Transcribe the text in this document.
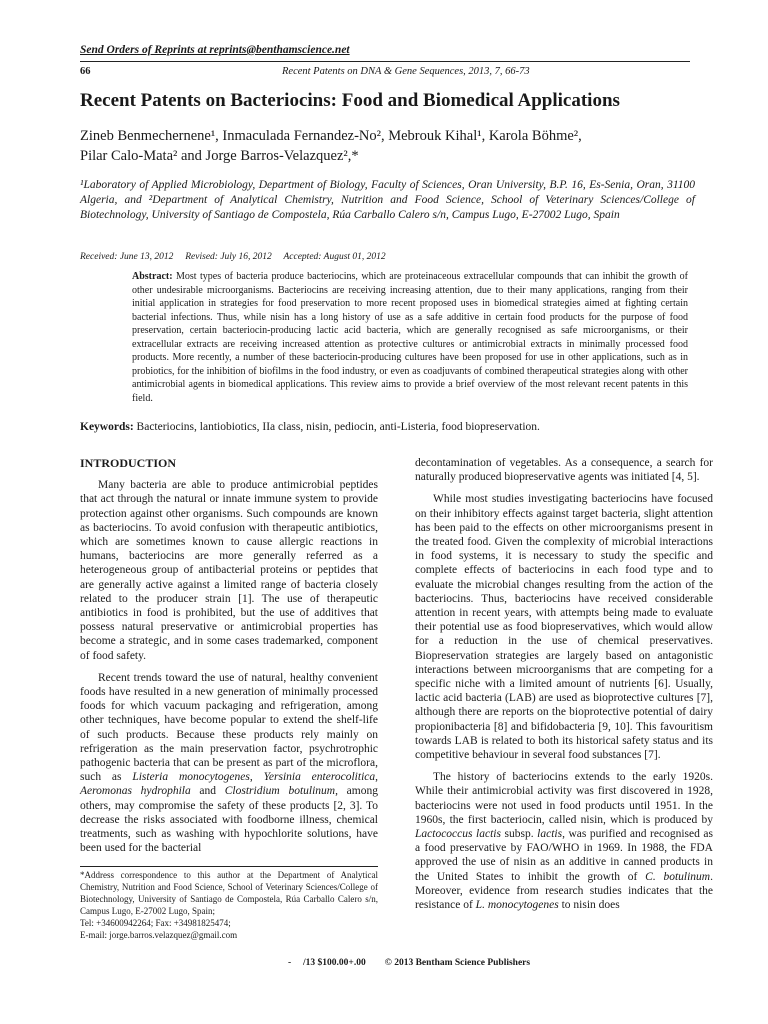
Send Orders of Reprints at reprints@benthamscience.net
66	Recent Patents on DNA & Gene Sequences, 2013, 7, 66-73
Recent Patents on Bacteriocins: Food and Biomedical Applications
Zineb Benmechernene¹, Inmaculada Fernandez-No², Mebrouk Kihal¹, Karola Böhme²,
Pilar Calo-Mata² and Jorge Barros-Velazquez²,*
¹Laboratory of Applied Microbiology, Department of Biology, Faculty of Sciences, Oran University, B.P. 16, Es-Senia, Oran, 31100 Algeria, and ²Department of Analytical Chemistry, Nutrition and Food Science, School of Veterinary Sciences/College of Biotechnology, University of Santiago de Compostela, Rúa Carballo Calero s/n, Campus Lugo, E-27002 Lugo, Spain
Received: June 13, 2012     Revised: July 16, 2012     Accepted: August 01, 2012
Abstract: Most types of bacteria produce bacteriocins, which are proteinaceous extracellular compounds that can inhibit the growth of other undesirable microorganisms. Bacteriocins are receiving increasing attention, due to their many applications, ranging from their initial application in strategies for food preservation to more recent proposed uses in biomedical strategies aimed at fighting certain bacterial infections. Thus, while nisin has a long history of use as a safe additive in certain food products for the purpose of food preservation, certain bacteriocin-producing lactic acid bacteria, which are generally recognised as safe microorganisms, or their extracellular extracts are receiving increased attention as protective cultures or antimicrobial extracts in minimally processed food products. More recently, a number of these bacteriocin-producing cultures have been proposed for use in other applications, such as in probiotics, for the inhibition of biofilms in the food industry, or even as coadjuvants of combined therapeutical strategies along with other antimicrobial agents in biomedical applications. This review aims to provide a brief overview of the most relevant recent patents in this field.
Keywords: Bacteriocins, lantiobiotics, IIa class, nisin, pediocin, anti-Listeria, food biopreservation.
INTRODUCTION

Many bacteria are able to produce antimicrobial peptides that act through the natural or innate immune system to provide protection against other organisms. Such compounds are known as bacteriocins. To avoid confusion with therapeutic antibiotics, which are sometimes known to cause allergic reactions in humans, bacteriocins are more generally referred as a heterogeneous group of antibacterial proteins or peptides that are generally active against a limited range of bacteria closely related to the producer strain [1]. The use of therapeutic antibiotics in food is prohibited, but the use of additives that possess natural preservative or antimicrobial properties has become a strategic, and in some cases trademarked, component of food safety.

Recent trends toward the use of natural, healthy convenient foods have resulted in a new generation of minimally processed foods for which vacuum packaging and refrigeration, among other techniques, have become popular to extend the shelf-life of such products. Because these products rely mainly on refrigeration as the main preservation factor, psychrotrophic pathogenic bacteria that can be present as part of the microflora, such as Listeria monocytogenes, Yersinia enterocolitica, Aeromonas hydrophila and Clostridium botulinum, among others, may compromise the safety of these products [2, 3]. To decrease the risks associated with foodborne illness, chemical treatments, such as washing with hypochlorite solutions, have been used for the bacterial

decontamination of vegetables. As a consequence, a search for naturally produced biopreservative agents was initiated [4, 5].

While most studies investigating bacteriocins have focused on their inhibitory effects against target bacteria, slight attention has been paid to the effects on other microorganisms present in the treated food. Given the complexity of microbial interactions in food systems, it is necessary to study the specific and complete effects of bacteriocins in each food type and to evaluate the microbial changes resulting from the action of the bacteriocins. Thus, bacteriocins have received considerable attention in recent years, with attempts being made to evaluate their potential use as food biopreservatives, which would allow for a reduction in the use of chemical preservatives. Biopreservation strategies are largely based on antagonistic interactions between microorganisms that are competing for a specific niche with a limited amount of nutrients [6]. Usually, lactic acid bacteria (LAB) are used as bioprotective cultures [7], although there are reports on the bioprotective potential of dairy propionibacteria [8] and bifidobacteria [9, 10]. This favouritism towards LAB is related to both its historical safety status and its competitive behaviour in several food substances [7].

The history of bacteriocins extends to the early 1920s. While their antimicrobial activity was first discovered in 1928, bacteriocins were not used in food products until 1951. In the 1960s, the first bacteriocin, called nisin, which is produced by Lactococcus lactis subsp. lactis, was purified and recognised as a food preservative by FAO/WHO in 1969. In 1988, the FDA approved the use of nisin as an additive in canned products in the United States to inhibit the growth of C. botulinum. Moreover, evidence from research studies indicates that the resistance of L. monocytogenes to nisin does

*Address correspondence to this author at the Department of Analytical Chemistry, Nutrition and Food Science, School of Veterinary Sciences/College of Biotechnology, University of Santiago de Compostela, Rúa Carballo Calero s/n, Campus Lugo, E-27002 Lugo, Spain;
Tel: +34600942264; Fax: +34981825474;
E-mail: jorge.barros.velazquez@gmail.com
-     /13 $100.00+.00        © 2013 Bentham Science Publishers
